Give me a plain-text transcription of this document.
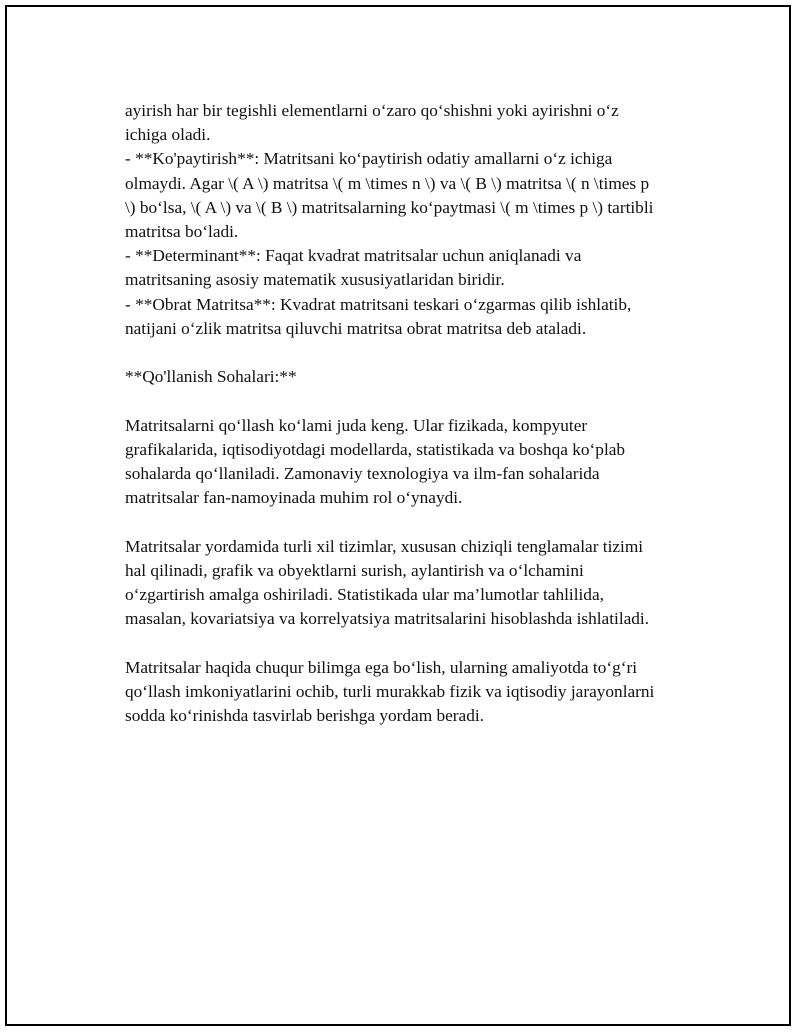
ayirish har bir tegishli elementlarni o‘zaro qo‘shishni yoki ayirishni o‘z
ichiga oladi.
- **Ko'paytirish**: Matritsani ko‘paytirish odatiy amallarni o‘z ichiga
olmaydi. Agar \( A \) matritsa \( m \times n \) va \( B \) matritsa \( n \times p
\) bo‘lsa, \( A \) va \( B \) matritsalarning ko‘paytmasi \( m \times p \) tartibli
matritsa bo‘ladi.
- **Determinant**: Faqat kvadrat matritsalar uchun aniqlanadi va
matritsaning asosiy matematik xususiyatlaridan biridir.
- **Obrat Matritsa**: Kvadrat matritsani teskari o‘zgarmas qilib ishlatib,
natijani o‘zlik matritsa qiluvchi matritsa obrat matritsa deb ataladi.
**Qo'llanish Sohalari:**
Matritsalarni qo‘llash ko‘lami juda keng. Ular fizikada, kompyuter
grafikalarida, iqtisodiyotdagi modellarda, statistikada va boshqa ko‘plab
sohalarda qo‘llaniladi. Zamonaviy texnologiya va ilm-fan sohalarida
matritsalar fan-namoyinada muhim rol o‘ynaydi.
Matritsalar yordamida turli xil tizimlar, xususan chiziqli tenglamalar tizimi
hal qilinadi, grafik va obyektlarni surish, aylantirish va o‘lchamini
o‘zgartirish amalga oshiriladi. Statistikada ular ma’lumotlar tahlilida,
masalan, kovariatsiya va korrelyatsiya matritsalarini hisoblashda ishlatiladi.
Matritsalar haqida chuqur bilimga ega bo‘lish, ularning amaliyotda to‘g‘ri
qo‘llash imkoniyatlarini ochib, turli murakkab fizik va iqtisodiy jarayonlarni
sodda ko‘rinishda tasvirlab berishga yordam beradi.
